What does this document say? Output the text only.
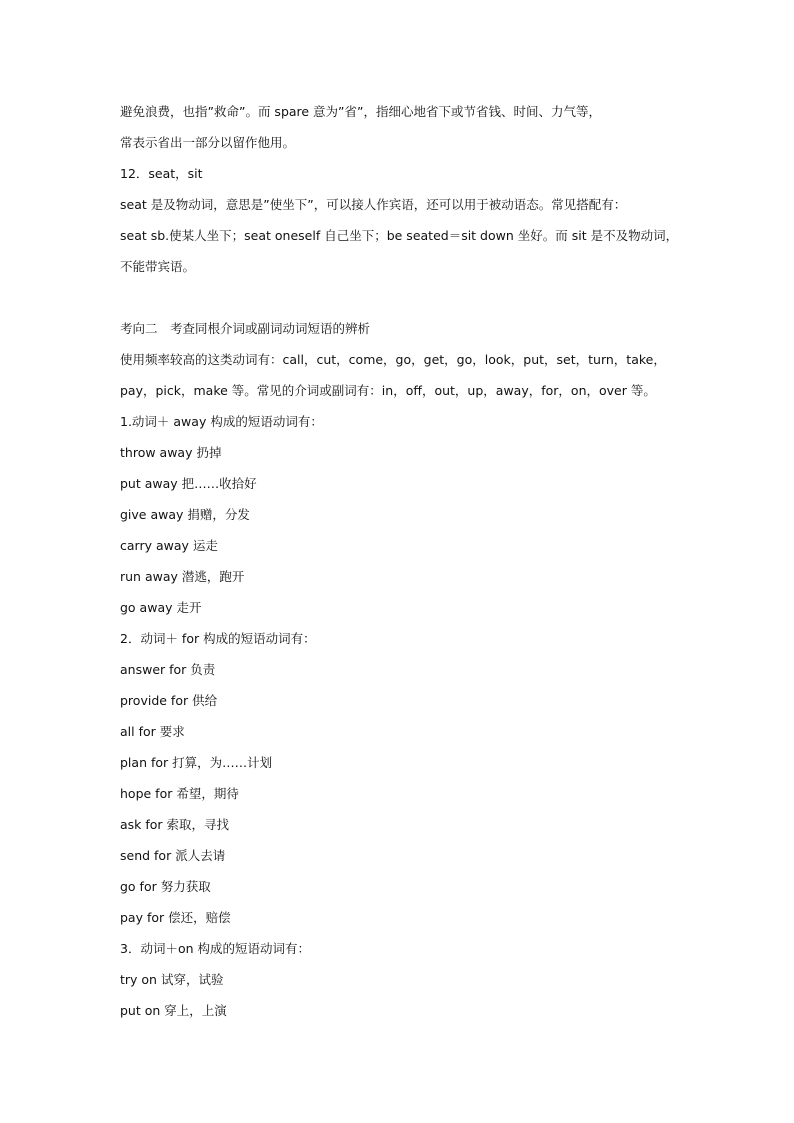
避免浪费，也指”救命”。而 spare 意为”省”，指细心地省下或节省钱、时间、力气等，
常表示省出一部分以留作他用。
12．seat，sit
seat 是及物动词，意思是”使坐下”，可以接人作宾语，还可以用于被动语态。常见搭配有：
seat sb.使某人坐下；seat oneself 自己坐下；be seated＝sit down 坐好。而 sit 是不及物动词，
不能带宾语。
考向二　考查同根介词或副词动词短语的辨析
使用频率较高的这类动词有：call，cut，come，go，get，go，look，put，set，turn，take，
pay，pick，make 等。常见的介词或副词有：in，off，out，up，away，for，on，over 等。
1.动词＋ away 构成的短语动词有：
throw away 扔掉
put away 把……收拾好
give away 捐赠，分发
carry away 运走
run away 潜逃，跑开
go away 走开
2．动词＋ for 构成的短语动词有：
answer for 负责
provide for 供给
all for 要求
plan for 打算，为……计划
hope for 希望，期待
ask for 索取，寻找
send for 派人去请
go for 努力获取
pay for 偿还，赔偿
3．动词＋on 构成的短语动词有：
try on 试穿，试验
put on 穿上，上演
